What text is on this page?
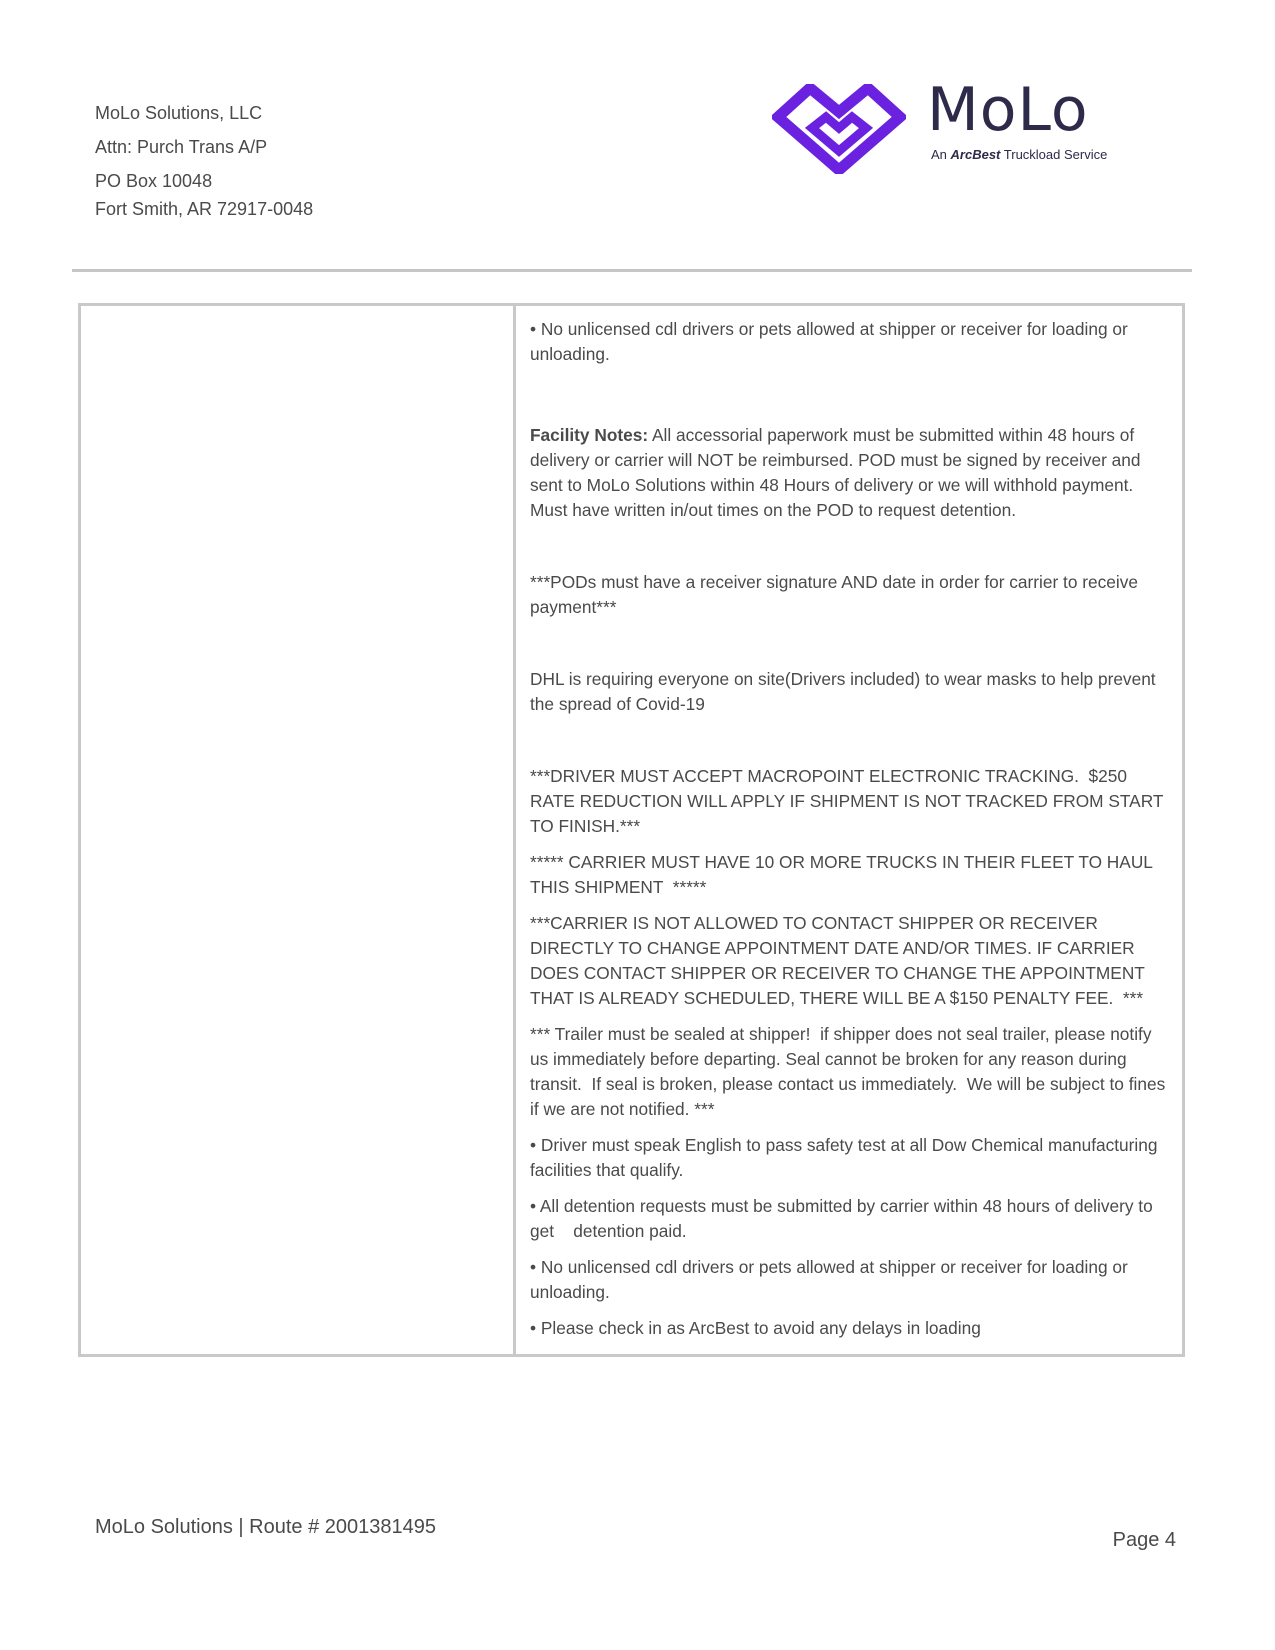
MoLo Solutions, LLC
Attn: Purch Trans A/P
PO Box 10048
Fort Smith, AR 72917-0048
MoLo
An ArcBest Truckload Service

• No unlicensed cdl drivers or pets allowed at shipper or receiver for loading or unloading.

Facility Notes: All accessorial paperwork must be submitted within 48 hours of delivery or carrier will NOT be reimbursed. POD must be signed by receiver and sent to MoLo Solutions within 48 Hours of delivery or we will withhold payment. Must have written in/out times on the POD to request detention.

***PODs must have a receiver signature AND date in order for carrier to receive payment***

DHL is requiring everyone on site(Drivers included) to wear masks to help prevent the spread of Covid-19

***DRIVER MUST ACCEPT MACROPOINT ELECTRONIC TRACKING.  $250 RATE REDUCTION WILL APPLY IF SHIPMENT IS NOT TRACKED FROM START TO FINISH.***

***** CARRIER MUST HAVE 10 OR MORE TRUCKS IN THEIR FLEET TO HAUL THIS SHIPMENT  *****

***CARRIER IS NOT ALLOWED TO CONTACT SHIPPER OR RECEIVER DIRECTLY TO CHANGE APPOINTMENT DATE AND/OR TIMES. IF CARRIER DOES CONTACT SHIPPER OR RECEIVER TO CHANGE THE APPOINTMENT THAT IS ALREADY SCHEDULED, THERE WILL BE A $150 PENALTY FEE.  ***

*** Trailer must be sealed at shipper!  if shipper does not seal trailer, please notify us immediately before departing. Seal cannot be broken for any reason during transit.  If seal is broken, please contact us immediately.  We will be subject to fines if we are not notified. ***

• Driver must speak English to pass safety test at all Dow Chemical manufacturing facilities that qualify.

• All detention requests must be submitted by carrier within 48 hours of delivery to get    detention paid.

• No unlicensed cdl drivers or pets allowed at shipper or receiver for loading or unloading.

• Please check in as ArcBest to avoid any delays in loading

MoLo Solutions | Route # 2001381495
Page 4
